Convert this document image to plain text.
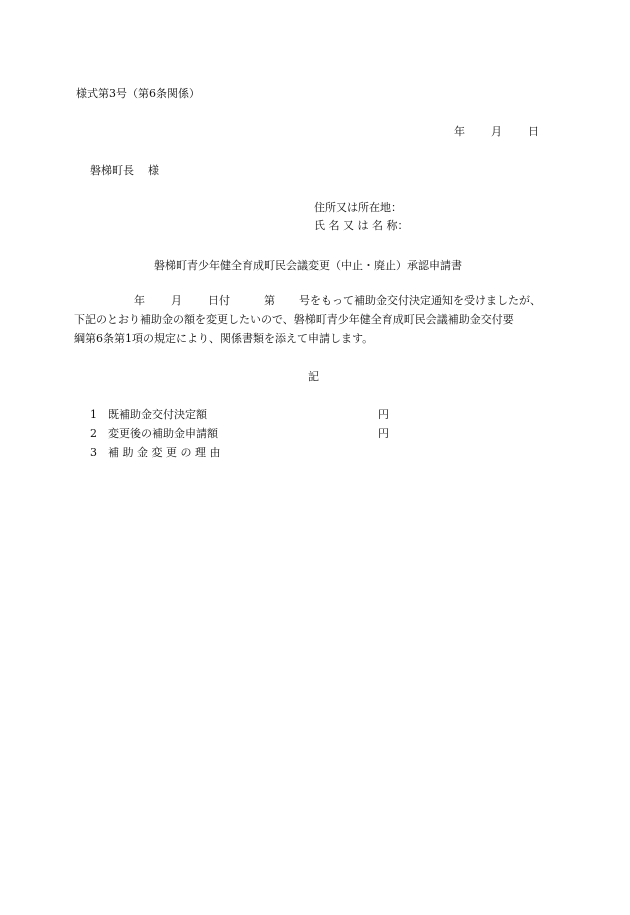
様式第3号（第6条関係）
年 月 日
磐梯町長 様
住所又は所在地：
氏 名 又 は 名 称：
磐梯町青少年健全育成町民会議変更（中止・廃止）承認申請書
年 月 日付	第 号をもって補助金交付決定通知を受けましたが、
下記のとおり補助金の額を変更したいので、磐梯町青少年健全育成町民会議補助金交付要
綱第6条第1項の規定により、関係書類を添えて申請します。
記
1 既補助金交付決定額	円
2 変更後の補助金申請額	円
3 補 助 金 変 更 の 理 由
